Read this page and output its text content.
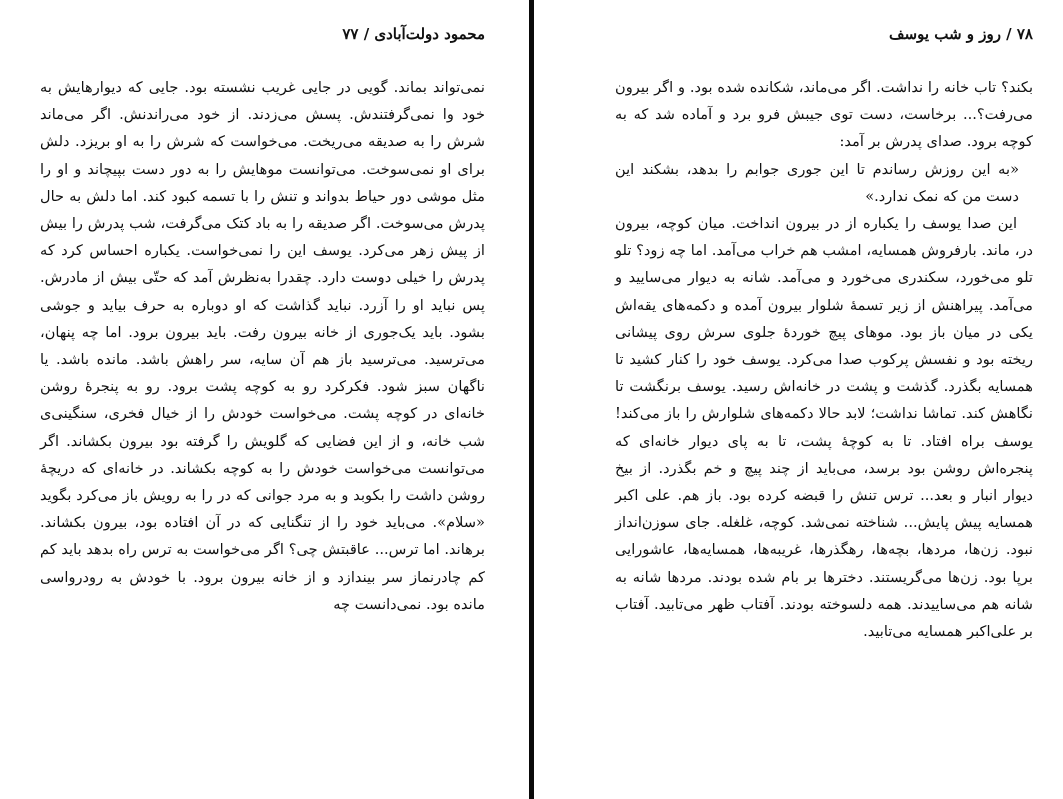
محمود دولت‌آبادی / ۷۷

نمی‌تواند بماند. گویی در جایی غریب نشسته بود. جایی که دیوارهایش به خود وا نمی‌گرفتندش. پسش می‌زدند. از خود می‌راندنش. اگر می‌ماند شرش را به صدیقه می‌ریخت. می‌خواست که شرش را به او بریزد. دلش برای او نمی‌سوخت. می‌توانست موهایش را به دور دست بپیچاند و او را مثل موشی دور حیاط بدواند و تنش را با تسمه کبود کند. اما دلش به حال پدرش می‌سوخت. اگر صدیقه را به باد کتک می‌گرفت، شب پدرش را بیش از پیش زهر می‌کرد. یوسف این را نمی‌خواست. یکباره احساس کرد که پدرش را خیلی دوست دارد. چقدرا به‌نظرش آمد که حتّی بیش از مادرش. پس نباید او را آزرد. نباید گذاشت که او دوباره به حرف بیاید و جوشی بشود. باید یک‌جوری از خانه بیرون رفت. باید بیرون برود. اما چه پنهان، می‌ترسید. می‌ترسید باز هم آن سایه، سر راهش باشد. مانده باشد. یا ناگهان سبز شود. فکرکرد رو به کوچه پشت برود. رو به پنجرهٔ روشن خانه‌ای در کوچه پشت. می‌خواست خودش را از خیال فخری، سنگینی‌ی شب خانه، و از این فضایی که گلویش را گرفته بود بیرون بکشاند. اگر می‌توانست می‌خواست خودش را به کوچه بکشاند. در خانه‌ای که دریچهٔ روشن داشت را بکوبد و به مرد جوانی که در را به رویش باز می‌کرد بگوید «سلام». می‌باید خود را از تنگنایی که در آن افتاده بود، بیرون بکشاند. برهاند. اما ترس... عاقبتش چی؟ اگر می‌خواست به ترس راه بدهد باید کم کم چادرنماز سر بیندازد و از خانه بیرون برود. با خودش به رودرواسی مانده بود. نمی‌دانست چه

۷۸ / روز و شب یوسف

بکند؟ تاب خانه را نداشت. اگر می‌ماند، شکانده شده بود. و اگر بیرون می‌رفت؟... برخاست، دست توی جیبش فرو برد و آماده شد که به کوچه برود. صدای پدرش بر آمد:

«به این روزش رساندم تا این جوری جوابم را بدهد، بشکند این دست من که نمک ندارد.»

این صدا یوسف را یکباره از در بیرون انداخت. میان کوچه، بیرون در، ماند. بارفروش همسایه، امشب هم خراب می‌آمد. اما چه زود؟ تلو تلو می‌خورد، سکندری می‌خورد و می‌آمد. شانه به دیوار می‌سایید و می‌آمد. پیراهنش از زیر تسمهٔ شلوار بیرون آمده و دکمه‌های یقه‌اش یکی در میان باز بود. موهای پیچ خوردهٔ جلوی سرش روی پیشانی ریخته بود و نفسش پرکوب صدا می‌کرد. یوسف خود را کنار کشید تا همسایه بگذرد. گذشت و پشت در خانه‌اش رسید. یوسف برنگشت تا نگاهش کند. تماشا نداشت؛ لابد حالا دکمه‌های شلوارش را باز می‌کند! یوسف براه افتاد. تا به کوچهٔ پشت، تا به پای دیوار خانه‌ای که پنجره‌اش روشن بود برسد، می‌باید از چند پیچ و خم بگذرد. از بیخ دیوار انبار و بعد... ترس تنش را قبضه کرده بود. باز هم. علی اکبر همسایه پیش پایش... شناخته نمی‌شد. کوچه، غلغله. جای سوزن‌انداز نبود. زن‌ها، مردها، بچه‌ها، رهگذرها، غریبه‌ها، همسایه‌ها، عاشورایی برپا بود. زن‌ها می‌گریستند. دخترها بر بام شده بودند. مردها شانه به شانه هم می‌ساییدند. همه دلسوخته بودند. آفتاب ظهر می‌تابید. آفتاب بر علی‌اکبر همسایه می‌تابید.
